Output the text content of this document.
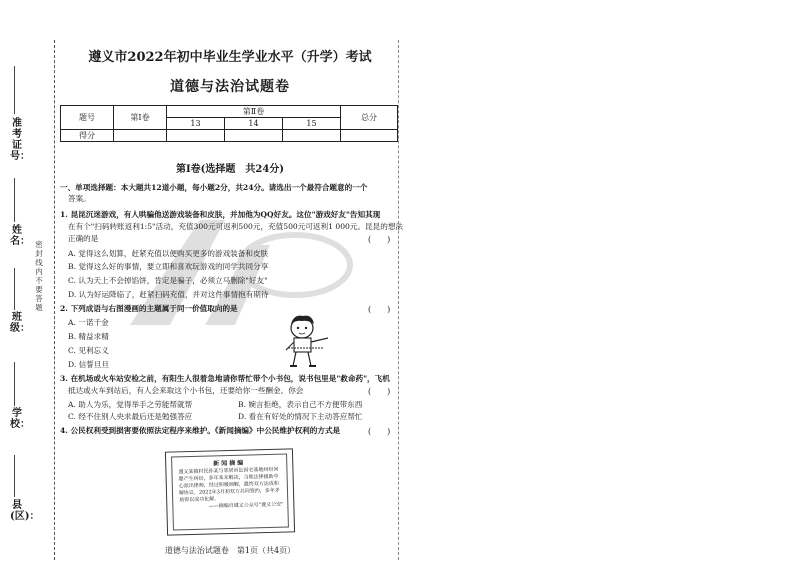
准考证号：
姓名：
班级：
学校：
县(区)：
密封线内不要答题
遵义市2022年初中毕业生学业水平（升学）考试
道德与法治试题卷
题号	第Ⅰ卷	第Ⅱ卷			总分
		13	14	15	
得分					
第Ⅰ卷(选择题　共24分)
一、单项选择题：本大题共12道小题，每小题2分，共24分。请选出一个最符合题意的一个
答案。
1. 昆昆沉迷游戏，有人哄骗他送游戏装备和皮肤，并加他为QQ好友。这位"游戏好友"告知其现
在有个"扫码转账返利1:5"活动，充值300元可返利500元，充值500元可返利1 000元。昆昆的想法
正确的是	(　　)
A. 觉得这么划算，赶紧充值以便购买更多的游戏装备和皮肤
B. 觉得这么好的事情，要立即和喜欢玩游戏的同学共同分享
C. 认为天上不会掉馅饼，肯定是骗子，必须立马删除"好友"
D. 认为好运降临了，赶紧扫码充值，并对这件事情抱有期待
2. 下列成语与右图漫画的主题属于同一价值取向的是	(　　)
A. 一诺千金
B. 精益求精
C. 见利忘义
D. 信誓旦旦
3. 在机场或火车站安检之前，有阳生人很着急地请你帮忙带个小书包，说书包里是"救命药"，飞机
抵达或火车到站后，有人会来取这个小书包，还要给你一些酬金。你会	(　　)
A. 助人为乐，觉得举手之劳能帮就帮	B. 婉言拒绝，表示自己不方便带东西
C. 经不住别人央求最后还是勉强答应	D. 看在有好处的情况下主动答应帮忙
4. 公民权利受到损害要依照法定程序来维护。《新闻摘编》中公民维护权利的方式是	(　　)
新闻摘编
遵义某镇村民孙某与邻居诉讼因宅基地纠纷问题产生纠纷，多年来未解决，当地法律援助中心派出律师，经过积极调解，最终双方达成和解协议。2022年3月初双方共同签约，多年矛盾得以成功化解。

——摘编自遵义公众号"遵义公安"
道德与法治试题卷　第1页（共4页）
